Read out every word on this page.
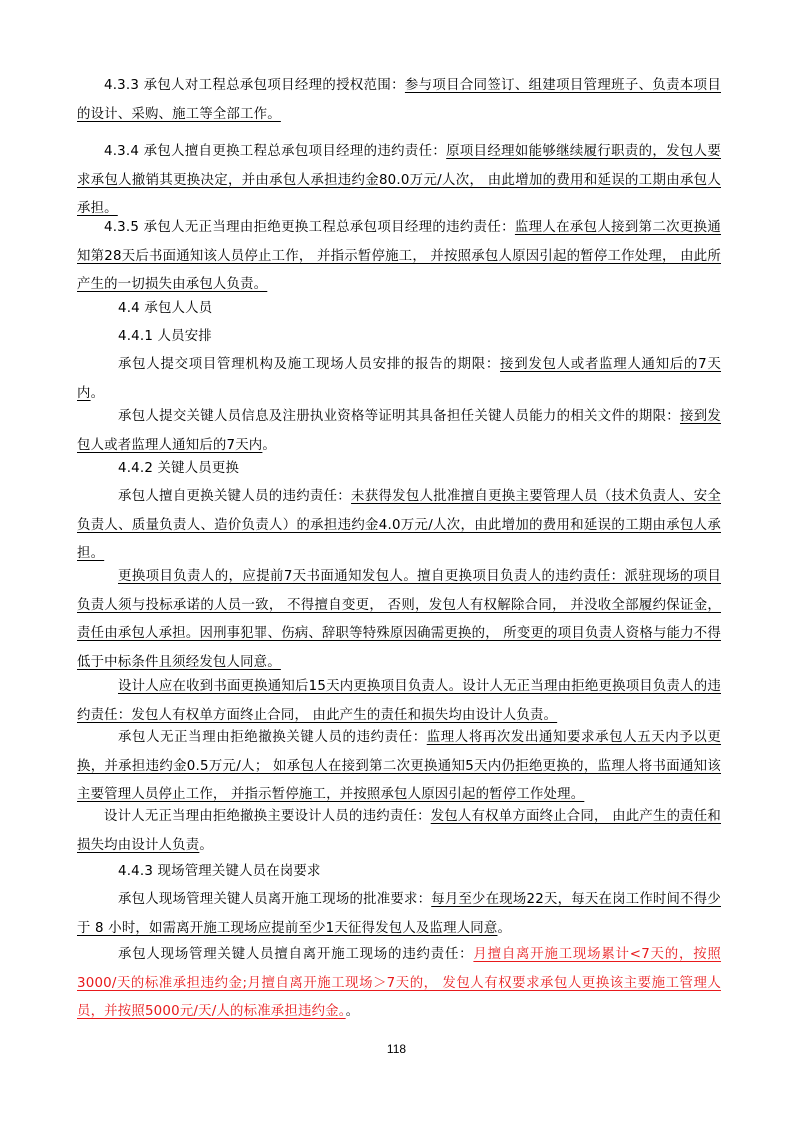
4.3.3 承包人对工程总承包项目经理的授权范围：参与项目合同签订、组建项目管理班子、负责本项目的设计、采购、施工等全部工作。

4.3.4 承包人擅自更换工程总承包项目经理的违约责任：原项目经理如能够继续履行职责的，发包人要求承包人撤销其更换决定，并由承包人承担违约金80.0万元/人次， 由此增加的费用和延误的工期由承包人承担。

4.3.5 承包人无正当理由拒绝更换工程总承包项目经理的违约责任：监理人在承包人接到第二次更换通知第28天后书面通知该人员停止工作， 并指示暂停施工， 并按照承包人原因引起的暂停工作处理， 由此所产生的一切损失由承包人负责。

4.4 承包人人员

4.4.1 人员安排

承包人提交项目管理机构及施工现场人员安排的报告的期限：接到发包人或者监理人通知后的7天内。

承包人提交关键人员信息及注册执业资格等证明其具备担任关键人员能力的相关文件的期限：接到发包人或者监理人通知后的7天内。

4.4.2 关键人员更换

承包人擅自更换关键人员的违约责任：未获得发包人批准擅自更换主要管理人员（技术负责人、安全负责人、质量负责人、造价负责人）的承担违约金4.0万元/人次，由此增加的费用和延误的工期由承包人承担。

更换项目负责人的，应提前7天书面通知发包人。擅自更换项目负责人的违约责任：派驻现场的项目负责人须与投标承诺的人员一致， 不得擅自变更， 否则，发包人有权解除合同， 并没收全部履约保证金， 责任由承包人承担。因刑事犯罪、伤病、辞职等特殊原因确需更换的， 所变更的项目负责人资格与能力不得低于中标条件且须经发包人同意。

设计人应在收到书面更换通知后15天内更换项目负责人。设计人无正当理由拒绝更换项目负责人的违约责任：发包人有权单方面终止合同， 由此产生的责任和损失均由设计人负责。

承包人无正当理由拒绝撤换关键人员的违约责任：监理人将再次发出通知要求承包人五天内予以更换，并承担违约金0.5万元/人； 如承包人在接到第二次更换通知5天内仍拒绝更换的，监理人将书面通知该主要管理人员停止工作， 并指示暂停施工，并按照承包人原因引起的暂停工作处理。

设计人无正当理由拒绝撤换主要设计人员的违约责任：发包人有权单方面终止合同， 由此产生的责任和损失均由设计人负责。

4.4.3 现场管理关键人员在岗要求

承包人现场管理关键人员离开施工现场的批准要求：每月至少在现场22天，每天在岗工作时间不得少于 8 小时，如需离开施工现场应提前至少1天征得发包人及监理人同意。

承包人现场管理关键人员擅自离开施工现场的违约责任：月擅自离开施工现场累计<7天的，按照3000/天的标准承担违约金;月擅自离开施工现场＞7天的， 发包人有权要求承包人更换该主要施工管理人员，并按照5000元/天/人的标准承担违约金。。

118
